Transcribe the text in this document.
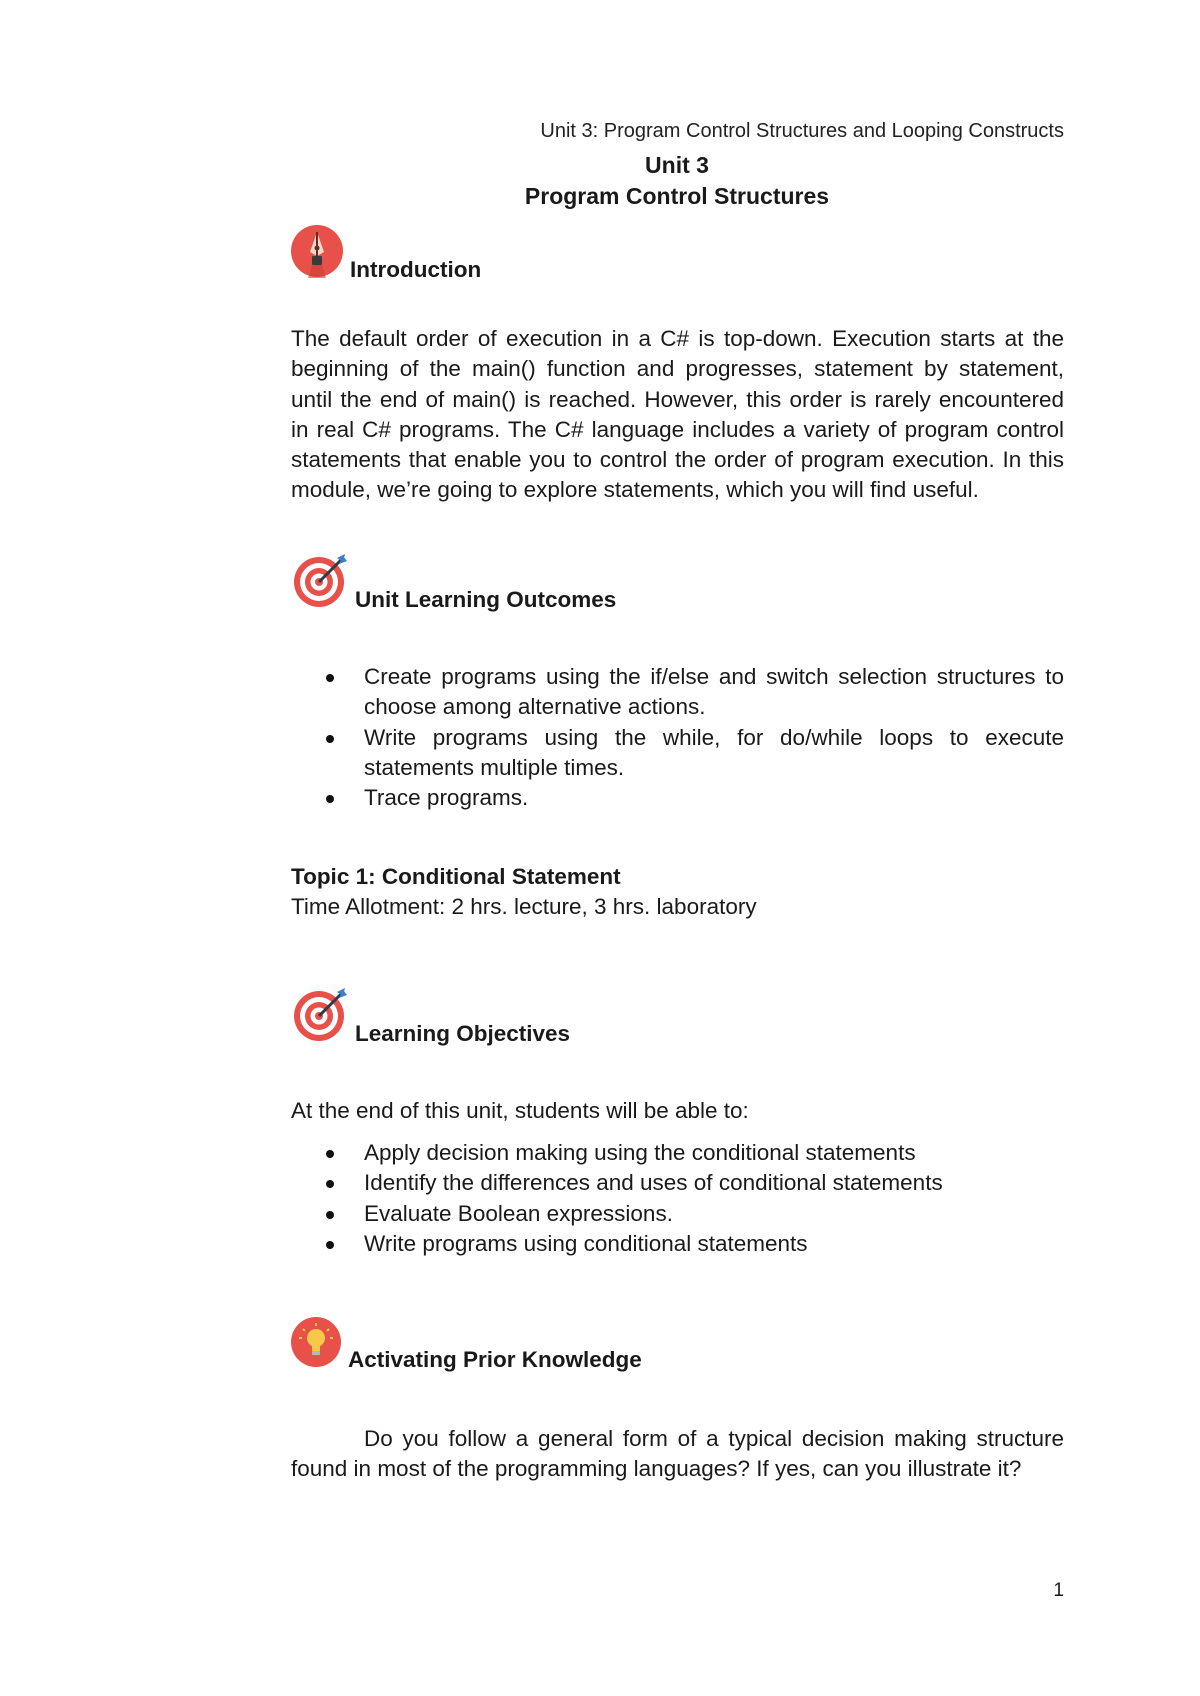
Unit 3: Program Control Structures and Looping Constructs
Unit 3
Program Control Structures
Introduction

The default order of execution in a C# is top-down. Execution starts at the beginning of the main() function and progresses, statement by statement, until the end of main() is reached. However, this order is rarely encountered in real C# programs. The C# language includes a variety of program control statements that enable you to control the order of program execution. In this module, we’re going to explore statements, which you will find useful.

Unit Learning Outcomes
Create programs using the if/else and switch selection structures to choose among alternative actions.
Write programs using the while, for do/while loops to execute statements multiple times.
Trace programs.
Topic 1: Conditional Statement
Time Allotment: 2 hrs. lecture, 3 hrs. laboratory
Learning Objectives

At the end of this unit, students will be able to:

Apply decision making using the conditional statements
Identify the differences and uses of conditional statements
Evaluate Boolean expressions.
Write programs using conditional statements
Activating Prior Knowledge

Do you follow a general form of a typical decision making structure found in most of the programming languages? If yes, can you illustrate it?

1
